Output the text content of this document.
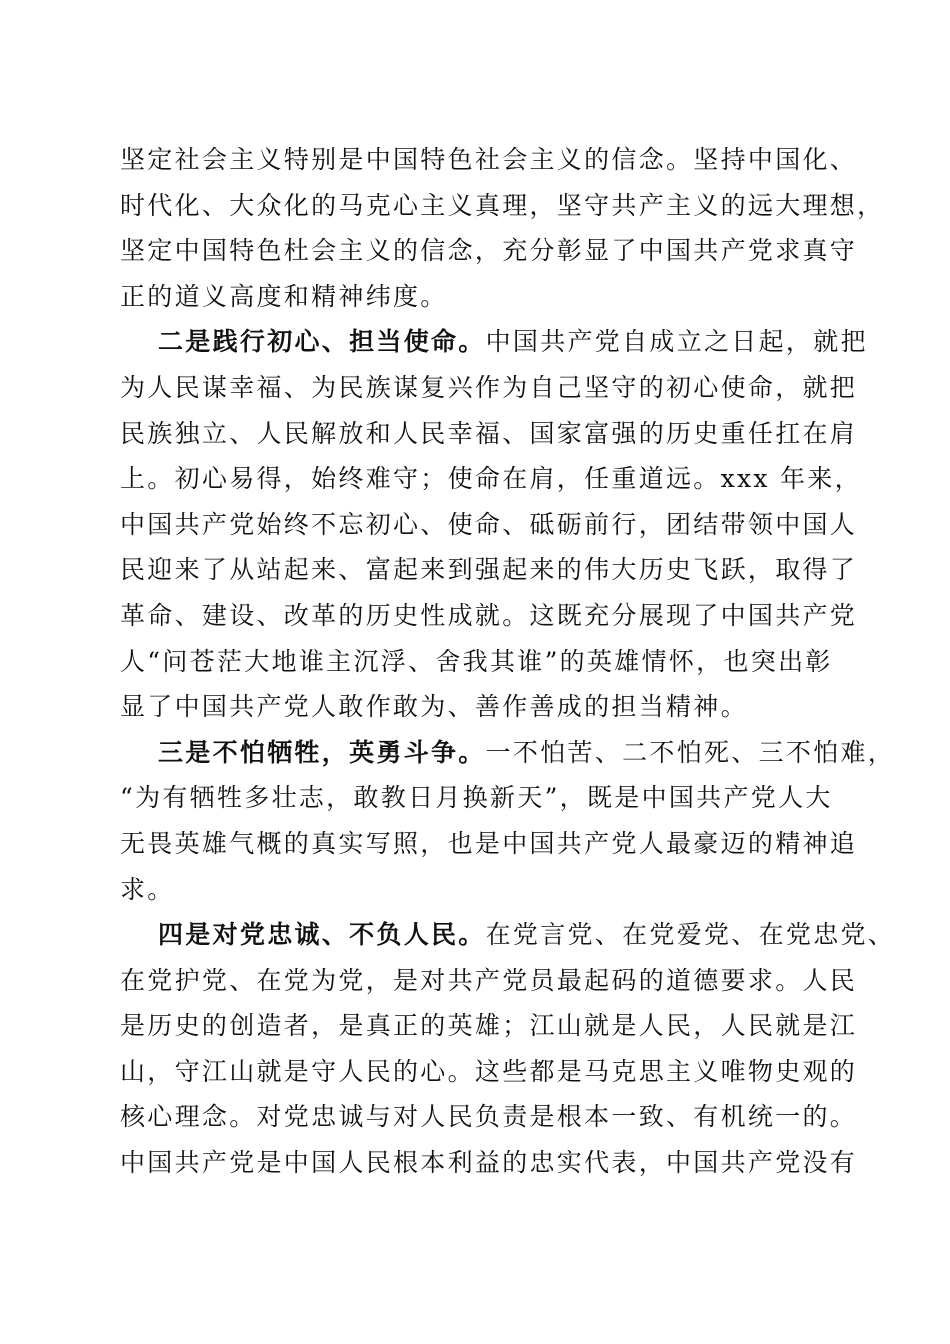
坚定社会主义特别是中国特色社会主义的信念。坚持中国化、
时代化、大众化的马克心主义真理，坚守共产主义的远大理想，
坚定中国特色杜会主义的信念，充分彰显了中国共产党求真守
正的道义高度和精神纬度。
二是践行初心、担当使命。中国共产党自成立之日起，就把
为人民谋幸福、为民族谋复兴作为自己坚守的初心使命，就把
民族独立、人民解放和人民幸福、国家富强的历史重任扛在肩
上。初心易得，始终难守；使命在肩，任重道远。xxx 年来，
中国共产党始终不忘初心、使命、砥砺前行，团结带领中国人
民迎来了从站起来、富起来到强起来的伟大历史飞跃，取得了
革命、建设、改革的历史性成就。这既充分展现了中国共产党
人“问苍茫大地谁主沉浮、舍我其谁”的英雄情怀，也突出彰
显了中国共产党人敢作敢为、善作善成的担当精神。
三是不怕牺牲，英勇斗争。一不怕苦、二不怕死、三不怕难，
“为有牺牲多壮志，敢教日月换新天”，既是中国共产党人大
无畏英雄气概的真实写照，也是中国共产党人最豪迈的精神追
求。
四是对党忠诚、不负人民。在党言党、在党爱党、在党忠党、
在党护党、在党为党，是对共产党员最起码的道德要求。人民
是历史的创造者，是真正的英雄；江山就是人民，人民就是江
山，守江山就是守人民的心。这些都是马克思主义唯物史观的
核心理念。对党忠诚与对人民负责是根本一致、有机统一的。
中国共产党是中国人民根本利益的忠实代表，中国共产党没有
